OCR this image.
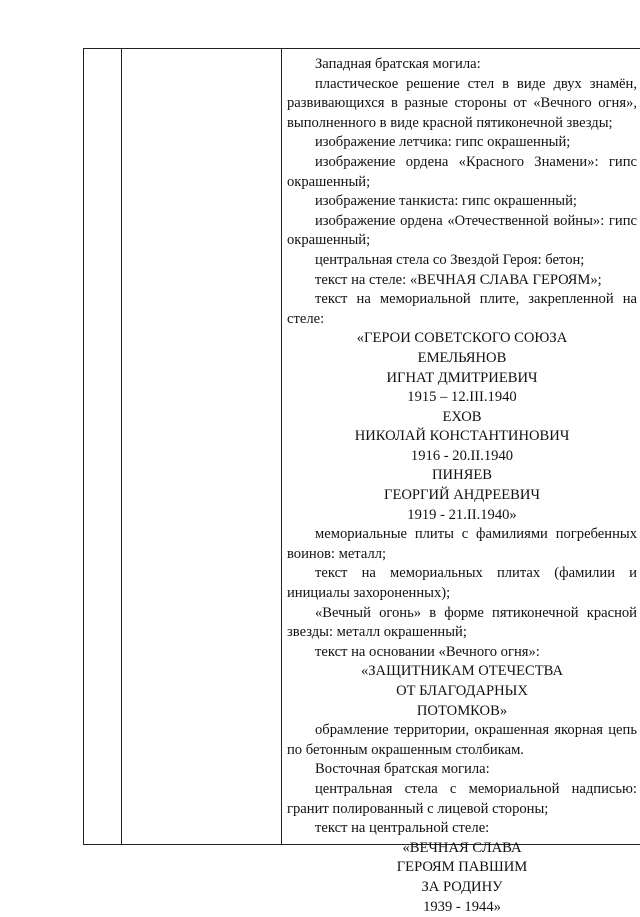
Западная братская могила:

пластическое решение стел в виде двух знамён, развивающихся в разные стороны от «Вечного огня», выполненного в виде красной пятиконечной звезды;

изображение летчика: гипс окрашенный;

изображение ордена «Красного Знамени»: гипс окрашенный;

изображение танкиста: гипс окрашенный;

изображение ордена «Отечественной войны»: гипс окрашенный;

центральная стела со Звездой Героя: бетон;

текст на стеле: «ВЕЧНАЯ СЛАВА ГЕРОЯМ»;

текст на мемориальной плите, закрепленной на стеле:

«ГЕРОИ СОВЕТСКОГО СОЮЗА

ЕМЕЛЬЯНОВ

ИГНАТ ДМИТРИЕВИЧ

1915 – 12.III.1940

ЕХОВ

НИКОЛАЙ КОНСТАНТИНОВИЧ

1916 - 20.II.1940

ПИНЯЕВ

ГЕОРГИЙ АНДРЕЕВИЧ

1919 - 21.II.1940»

мемориальные плиты с фамилиями погребенных воинов: металл;

текст на мемориальных плитах (фамилии и инициалы захороненных);

«Вечный огонь» в форме пятиконечной красной звезды: металл окрашенный;

текст на основании «Вечного огня»:

«ЗАЩИТНИКАМ ОТЕЧЕСТВА

ОТ БЛАГОДАРНЫХ

ПОТОМКОВ»

обрамление территории, окрашенная якорная цепь по бетонным окрашенным столбикам.

Восточная братская могила:

центральная стела с мемориальной надписью: гранит полированный с лицевой стороны;

текст на центральной стеле:

«ВЕЧНАЯ СЛАВА

ГЕРОЯМ ПАВШИМ

ЗА РОДИНУ

1939 - 1944»
